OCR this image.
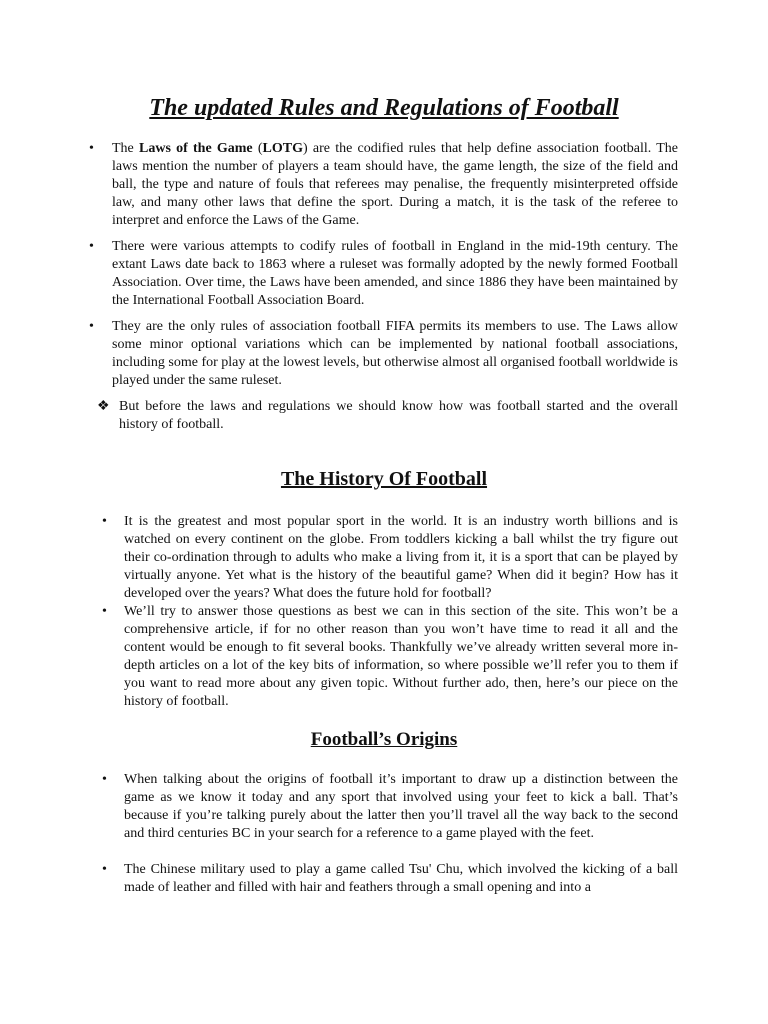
The updated Rules and Regulations of Football
• The Laws of the Game (LOTG) are the codified rules that help define association football. The laws mention the number of players a team should have, the game length, the size of the field and ball, the type and nature of fouls that referees may penalise, the frequently misinterpreted offside law, and many other laws that define the sport. During a match, it is the task of the referee to interpret and enforce the Laws of the Game.
• There were various attempts to codify rules of football in England in the mid-19th century. The extant Laws date back to 1863 where a ruleset was formally adopted by the newly formed Football Association. Over time, the Laws have been amended, and since 1886 they have been maintained by the International Football Association Board.
• They are the only rules of association football FIFA permits its members to use. The Laws allow some minor optional variations which can be implemented by national football associations, including some for play at the lowest levels, but otherwise almost all organised football worldwide is played under the same ruleset.

❖ But before the laws and regulations we should know how was football started and the overall history of football.

The History Of Football
• It is the greatest and most popular sport in the world. It is an industry worth billions and is watched on every continent on the globe. From toddlers kicking a ball whilst the try figure out their co-ordination through to adults who make a living from it, it is a sport that can be played by virtually anyone. Yet what is the history of the beautiful game? When did it begin? How has it developed over the years? What does the future hold for football?
• We’ll try to answer those questions as best we can in this section of the site. This won’t be a comprehensive article, if for no other reason than you won’t have time to read it all and the content would be enough to fit several books. Thankfully we’ve already written several more in-depth articles on a lot of the key bits of information, so where possible we’ll refer you to them if you want to read more about any given topic. Without further ado, then, here’s our piece on the history of football.
Football’s Origins
• When talking about the origins of football it’s important to draw up a distinction between the game as we know it today and any sport that involved using your feet to kick a ball. That’s because if you’re talking purely about the latter then you’ll travel all the way back to the second and third centuries BC in your search for a reference to a game played with the feet.
• The Chinese military used to play a game called Tsu' Chu, which involved the kicking of a ball made of leather and filled with hair and feathers through a small opening and into a
